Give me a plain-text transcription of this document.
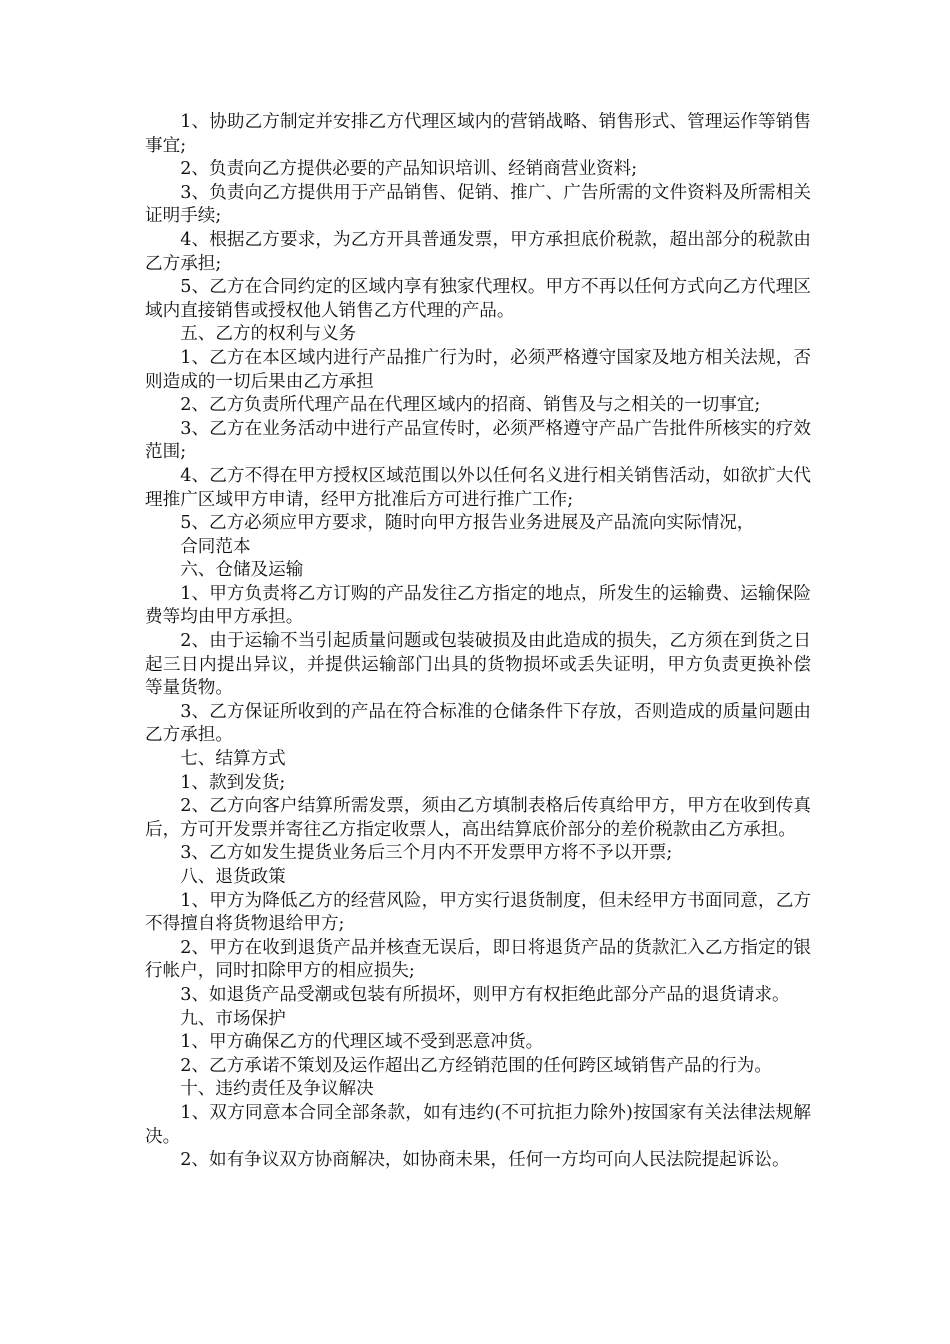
1、协助乙方制定并安排乙方代理区域内的营销战略、销售形式、管理运作等销售事宜;

2、负责向乙方提供必要的产品知识培训、经销商营业资料;

3、负责向乙方提供用于产品销售、促销、推广、广告所需的文件资料及所需相关证明手续;

4、根据乙方要求，为乙方开具普通发票，甲方承担底价税款，超出部分的税款由乙方承担;

5、乙方在合同约定的区域内享有独家代理权。甲方不再以任何方式向乙方代理区域内直接销售或授权他人销售乙方代理的产品。

五、乙方的权利与义务

1、乙方在本区域内进行产品推广行为时，必须严格遵守国家及地方相关法规，否则造成的一切后果由乙方承担

2、乙方负责所代理产品在代理区域内的招商、销售及与之相关的一切事宜;

3、乙方在业务活动中进行产品宣传时，必须严格遵守产品广告批件所核实的疗效范围;

4、乙方不得在甲方授权区域范围以外以任何名义进行相关销售活动，如欲扩大代理推广区域甲方申请，经甲方批准后方可进行推广工作;

5、乙方必须应甲方要求，随时向甲方报告业务进展及产品流向实际情况，

合同范本

六、仓储及运输

1、甲方负责将乙方订购的产品发往乙方指定的地点，所发生的运输费、运输保险费等均由甲方承担。

2、由于运输不当引起质量问题或包装破损及由此造成的损失，乙方须在到货之日起三日内提出异议，并提供运输部门出具的货物损坏或丢失证明，甲方负责更换补偿等量货物。

3、乙方保证所收到的产品在符合标准的仓储条件下存放，否则造成的质量问题由乙方承担。

七、结算方式

1、款到发货;

2、乙方向客户结算所需发票，须由乙方填制表格后传真给甲方，甲方在收到传真后，方可开发票并寄往乙方指定收票人，高出结算底价部分的差价税款由乙方承担。

3、乙方如发生提货业务后三个月内不开发票甲方将不予以开票;

八、退货政策

1、甲方为降低乙方的经营风险，甲方实行退货制度，但未经甲方书面同意，乙方不得擅自将货物退给甲方;

2、甲方在收到退货产品并核查无误后，即日将退货产品的货款汇入乙方指定的银行帐户，同时扣除甲方的相应损失;

3、如退货产品受潮或包装有所损坏，则甲方有权拒绝此部分产品的退货请求。

九、市场保护

1、甲方确保乙方的代理区域不受到恶意冲货。

2、乙方承诺不策划及运作超出乙方经销范围的任何跨区域销售产品的行为。

十、违约责任及争议解决

1、双方同意本合同全部条款，如有违约(不可抗拒力除外)按国家有关法律法规解决。

2、如有争议双方协商解决，如协商未果，任何一方均可向人民法院提起诉讼。
